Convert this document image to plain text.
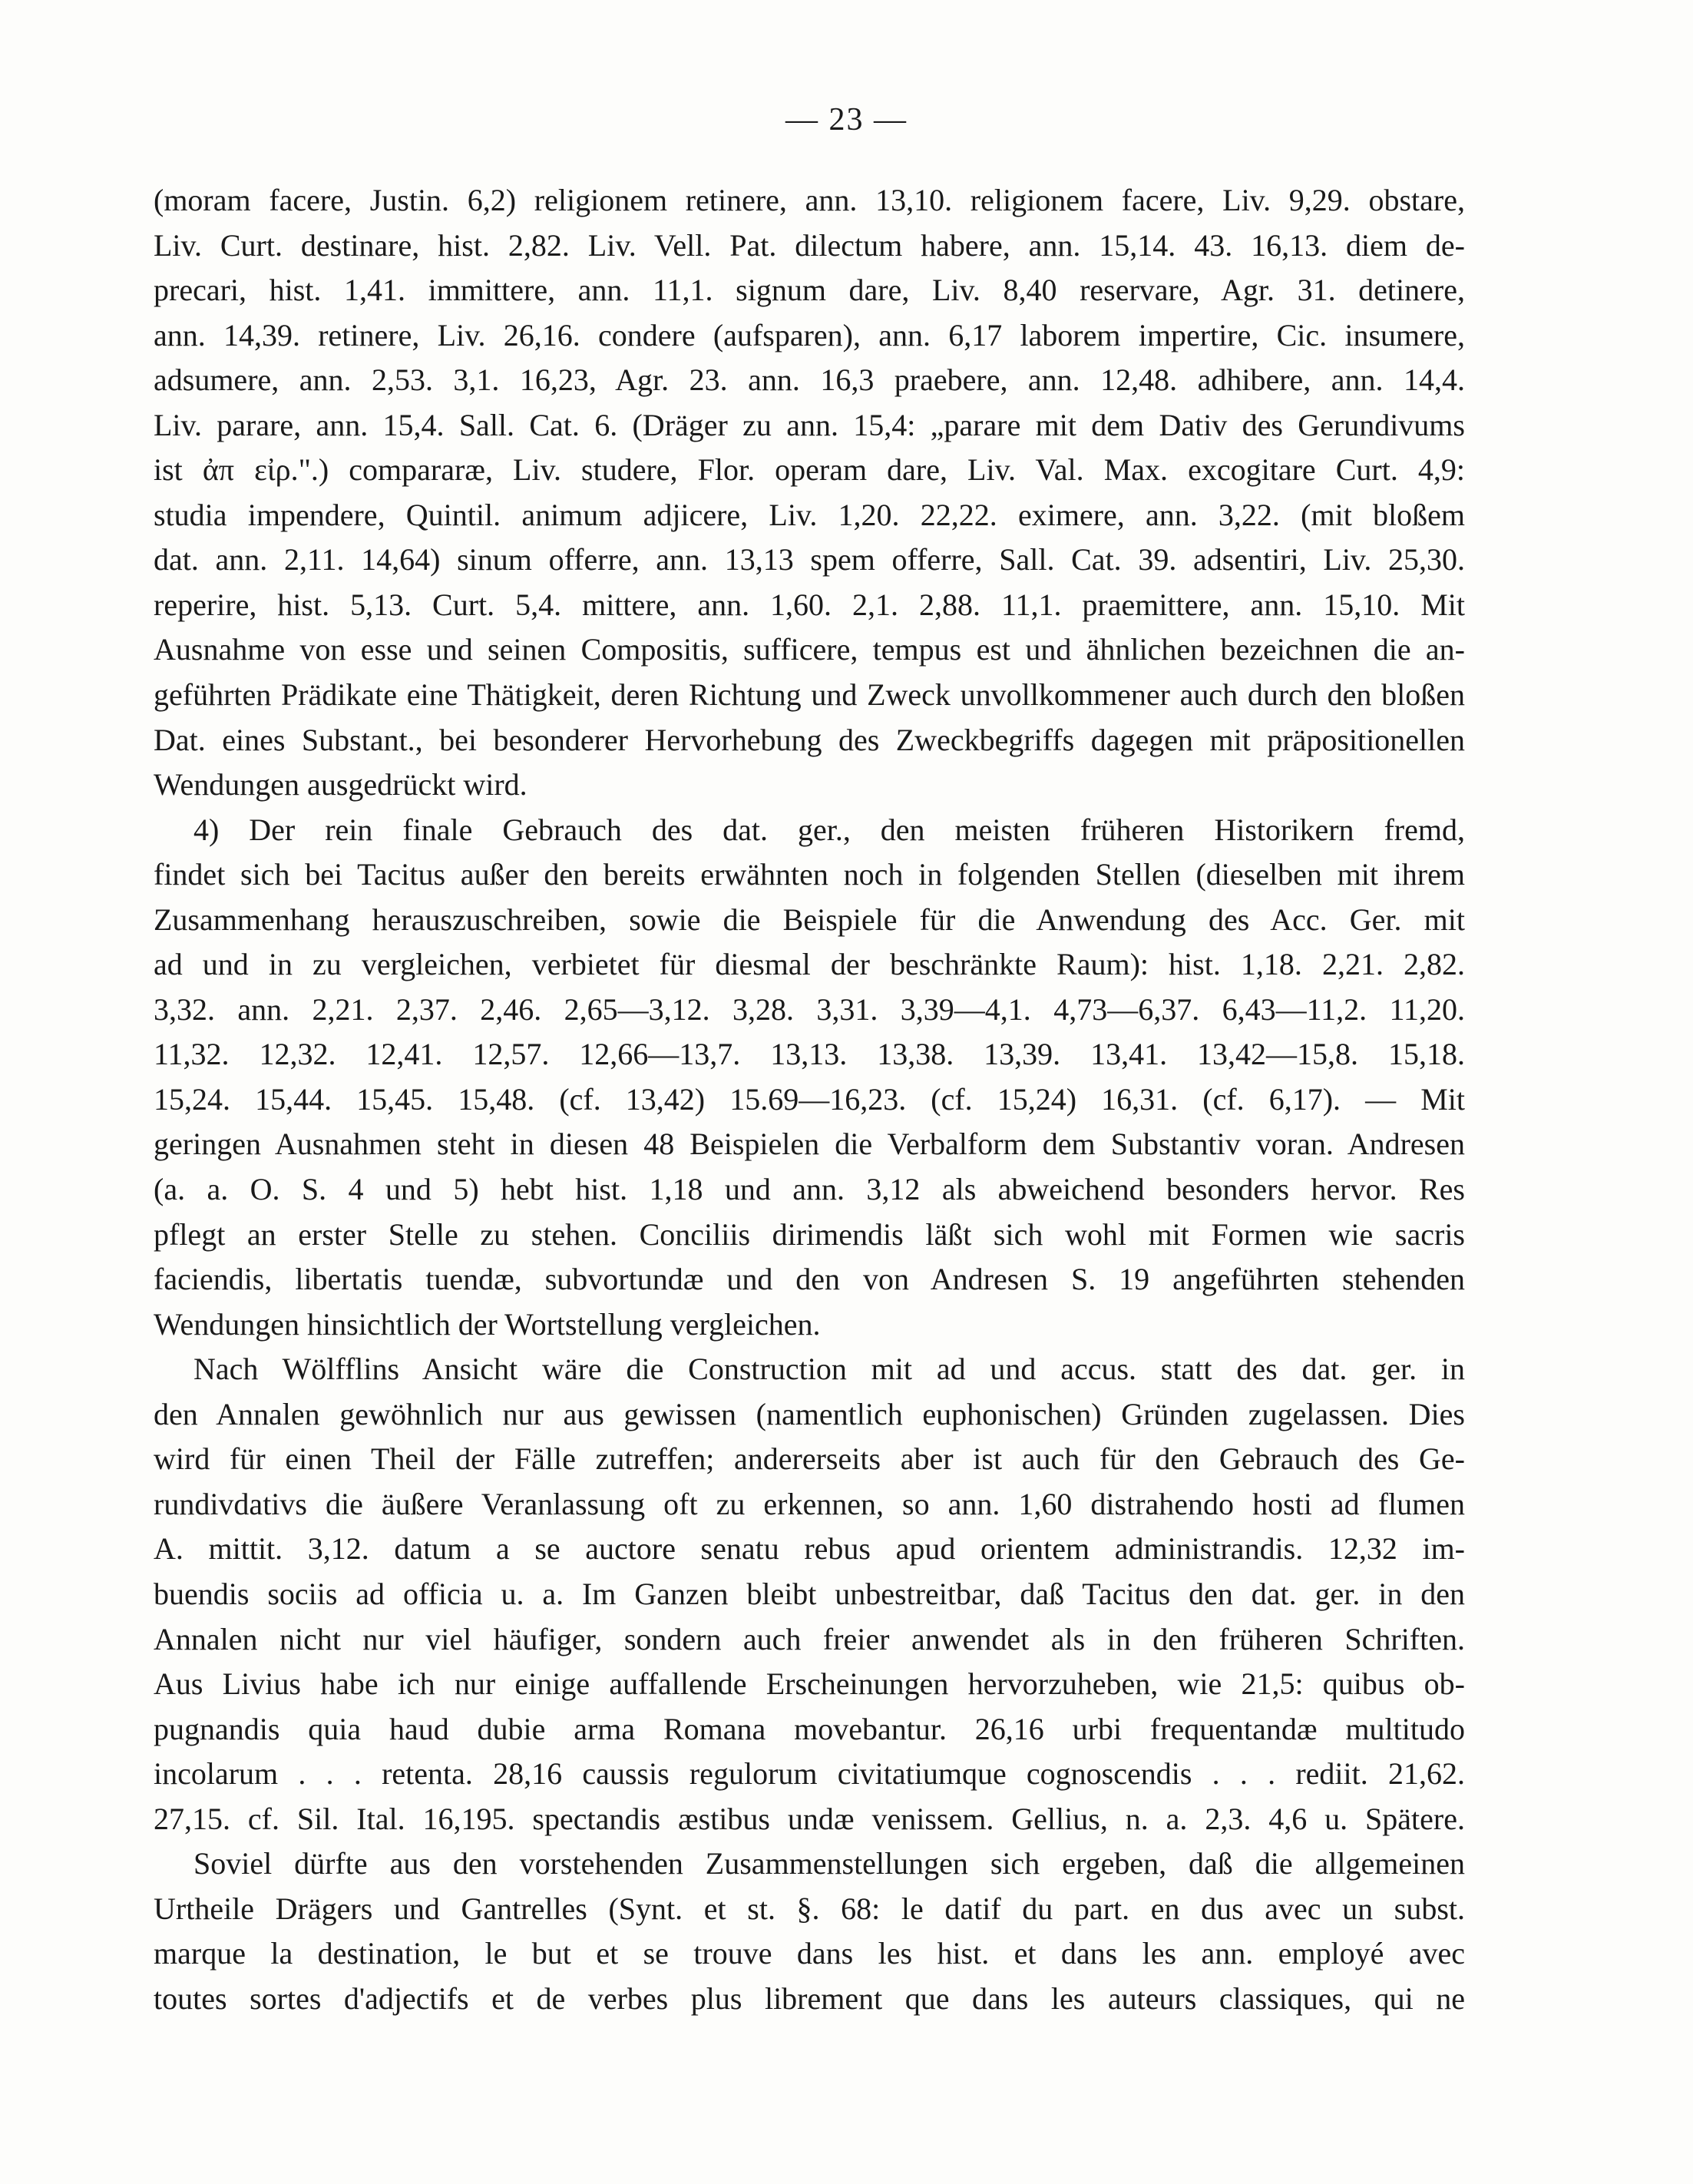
— 23 —
(moram facere, Justin. 6,2) religionem retinere, ann. 13,10. religionem facere, Liv. 9,29. obstare,
Liv. Curt. destinare, hist. 2,82. Liv. Vell. Pat. dilectum habere, ann. 15,14. 43. 16,13. diem de-
precari, hist. 1,41. immittere, ann. 11,1. signum dare, Liv. 8,40 reservare, Agr. 31. detinere,
ann. 14,39. retinere, Liv. 26,16. condere (aufsparen), ann. 6,17 laborem impertire, Cic. insumere,
adsumere, ann. 2,53. 3,1. 16,23, Agr. 23. ann. 16,3 praebere, ann. 12,48. adhibere, ann. 14,4.
Liv. parare, ann. 15,4. Sall. Cat. 6. (Dräger zu ann. 15,4: „parare mit dem Dativ des Gerundivums
ist ἀπ εἰρ.".) compararæ, Liv. studere, Flor. operam dare, Liv. Val. Max. excogitare Curt. 4,9:
studia impendere, Quintil. animum adjicere, Liv. 1,20. 22,22. eximere, ann. 3,22. (mit bloßem
dat. ann. 2,11. 14,64) sinum offerre, ann. 13,13 spem offerre, Sall. Cat. 39. adsentiri, Liv. 25,30.
reperire, hist. 5,13. Curt. 5,4. mittere, ann. 1,60. 2,1. 2,88. 11,1. praemittere, ann. 15,10. Mit
Ausnahme von esse und seinen Compositis, sufficere, tempus est und ähnlichen bezeichnen die an-
geführten Prädikate eine Thätigkeit, deren Richtung und Zweck unvollkommener auch durch den bloßen
Dat. eines Substant., bei besonderer Hervorhebung des Zweckbegriffs dagegen mit präpositionellen
Wendungen ausgedrückt wird.
4) Der rein finale Gebrauch des dat. ger., den meisten früheren Historikern fremd,
findet sich bei Tacitus außer den bereits erwähnten noch in folgenden Stellen (dieselben mit ihrem
Zusammenhang herauszuschreiben, sowie die Beispiele für die Anwendung des Acc. Ger. mit
ad und in zu vergleichen, verbietet für diesmal der beschränkte Raum): hist. 1,18. 2,21. 2,82.
3,32. ann. 2,21. 2,37. 2,46. 2,65—3,12. 3,28. 3,31. 3,39—4,1. 4,73—6,37. 6,43—11,2. 11,20.
11,32. 12,32. 12,41. 12,57. 12,66—13,7. 13,13. 13,38. 13,39. 13,41. 13,42—15,8. 15,18.
15,24. 15,44. 15,45. 15,48. (cf. 13,42) 15.69—16,23. (cf. 15,24) 16,31. (cf. 6,17). — Mit
geringen Ausnahmen steht in diesen 48 Beispielen die Verbalform dem Substantiv voran. Andresen
(a. a. O. S. 4 und 5) hebt hist. 1,18 und ann. 3,12 als abweichend besonders hervor. Res
pflegt an erster Stelle zu stehen. Conciliis dirimendis läßt sich wohl mit Formen wie sacris
faciendis, libertatis tuendæ, subvortundæ und den von Andresen S. 19 angeführten stehenden
Wendungen hinsichtlich der Wortstellung vergleichen.
Nach Wölfflins Ansicht wäre die Construction mit ad und accus. statt des dat. ger. in
den Annalen gewöhnlich nur aus gewissen (namentlich euphonischen) Gründen zugelassen. Dies
wird für einen Theil der Fälle zutreffen; andererseits aber ist auch für den Gebrauch des Ge-
rundivdativs die äußere Veranlassung oft zu erkennen, so ann. 1,60 distrahendo hosti ad flumen
A. mittit. 3,12. datum a se auctore senatu rebus apud orientem administrandis. 12,32 im-
buendis sociis ad officia u. a. Im Ganzen bleibt unbestreitbar, daß Tacitus den dat. ger. in den
Annalen nicht nur viel häufiger, sondern auch freier anwendet als in den früheren Schriften.
Aus Livius habe ich nur einige auffallende Erscheinungen hervorzuheben, wie 21,5: quibus ob-
pugnandis quia haud dubie arma Romana movebantur. 26,16 urbi frequentandæ multitudo
incolarum . . . retenta. 28,16 caussis regulorum civitatiumque cognoscendis . . . rediit. 21,62.
27,15. cf. Sil. Ital. 16,195. spectandis æstibus undæ venissem. Gellius, n. a. 2,3. 4,6 u. Spätere.
Soviel dürfte aus den vorstehenden Zusammenstellungen sich ergeben, daß die allgemeinen
Urtheile Drägers und Gantrelles (Synt. et st. §. 68: le datif du part. en dus avec un subst.
marque la destination, le but et se trouve dans les hist. et dans les ann. employé avec
toutes sortes d'adjectifs et de verbes plus librement que dans les auteurs classiques, qui ne
